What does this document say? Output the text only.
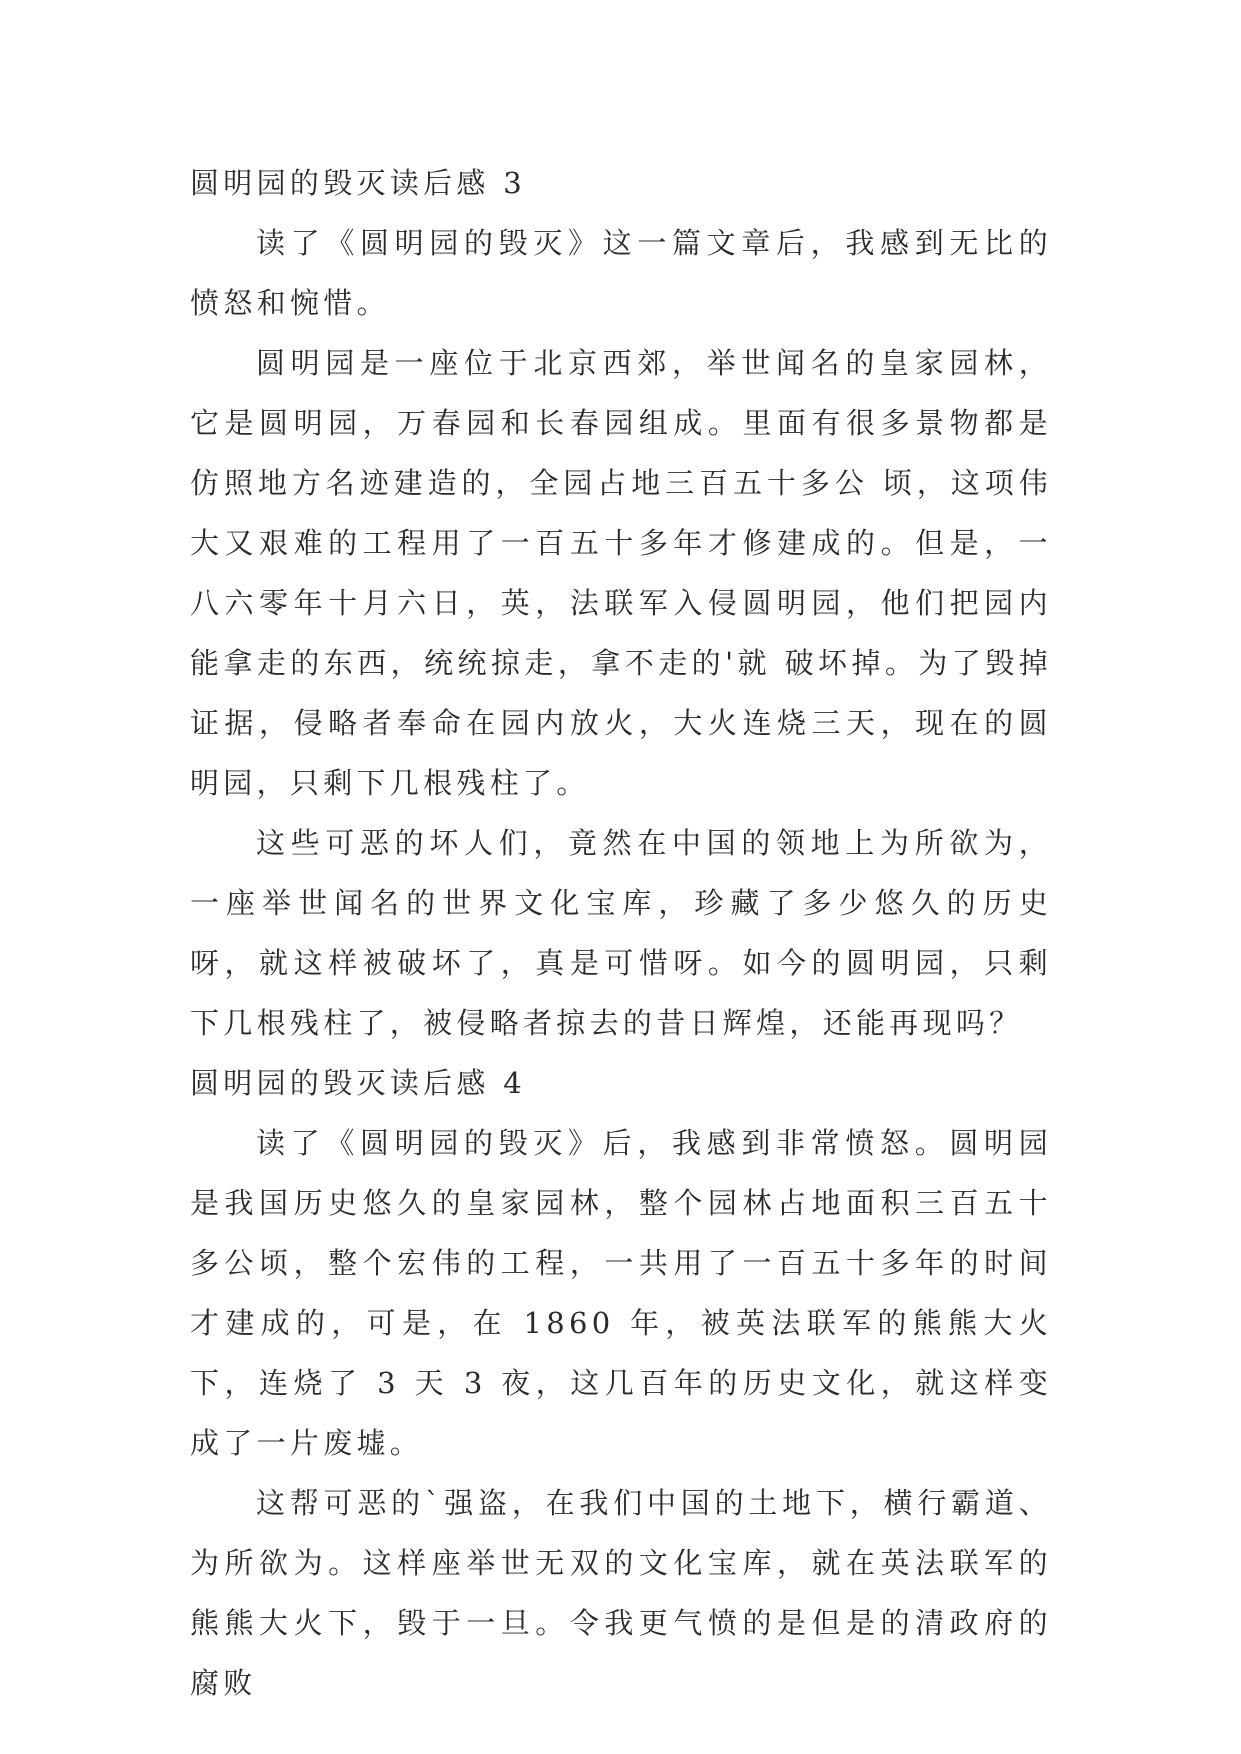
圆明园的毁灭读后感 3

读了《圆明园的毁灭》这一篇文章后，我感到无比的愤怒和惋惜。

圆明园是一座位于北京西郊，举世闻名的皇家园林，它是圆明园，万春园和长春园组成。里面有很多景物都是仿照地方名迹建造的，全园占地三百五十多公 顷，这项伟大又艰难的工程用了一百五十多年才修建成的。但是，一八六零年十月六日，英，法联军入侵圆明园，他们把园内能拿走的东西，统统掠走，拿不走的'就 破坏掉。为了毁掉证据，侵略者奉命在园内放火，大火连烧三天，现在的圆明园，只剩下几根残柱了。

这些可恶的坏人们，竟然在中国的领地上为所欲为，一座举世闻名的世界文化宝库，珍藏了多少悠久的历史呀，就这样被破坏了，真是可惜呀。如今的圆明园，只剩下几根残柱了，被侵略者掠去的昔日辉煌，还能再现吗？

圆明园的毁灭读后感 4

读了《圆明园的毁灭》后，我感到非常愤怒。圆明园是我国历史悠久的皇家园林，整个园林占地面积三百五十多公顷，整个宏伟的工程，一共用了一百五十多年的时间才建成的，可是，在 1860 年，被英法联军的熊熊大火下，连烧了 3 天 3 夜，这几百年的历史文化，就这样变成了一片废墟。

这帮可恶的`强盗，在我们中国的土地下，横行霸道、为所欲为。这样座举世无双的文化宝库，就在英法联军的熊熊大火下，毁于一旦。令我更气愤的是但是的清政府的腐败
